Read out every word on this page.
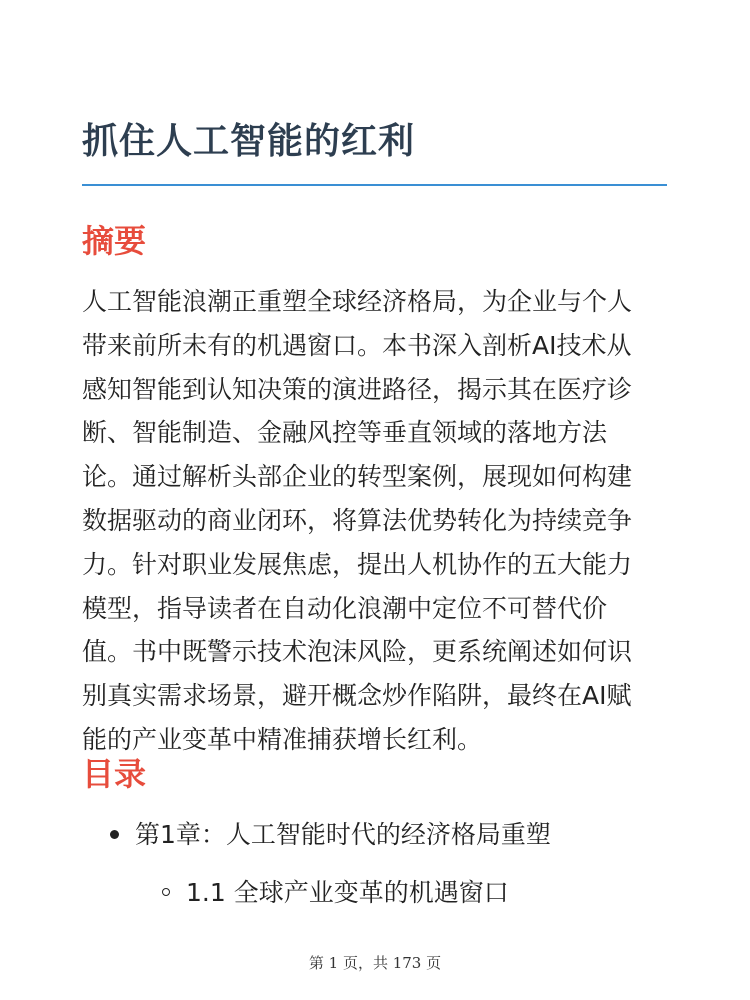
抓住人工智能的红利
摘要
人工智能浪潮正重塑全球经济格局，为企业与个人
带来前所未有的机遇窗口。本书深入剖析AI技术从
感知智能到认知决策的演进路径，揭示其在医疗诊
断、智能制造、金融风控等垂直领域的落地方法
论。通过解析头部企业的转型案例，展现如何构建
数据驱动的商业闭环，将算法优势转化为持续竞争
力。针对职业发展焦虑，提出人机协作的五大能力
模型，指导读者在自动化浪潮中定位不可替代价
值。书中既警示技术泡沫风险，更系统阐述如何识
别真实需求场景，避开概念炒作陷阱，最终在AI赋
能的产业变革中精准捕获增长红利。
目录
第1章：人工智能时代的经济格局重塑
1.1 全球产业变革的机遇窗口
第 1 页，共 173 页
